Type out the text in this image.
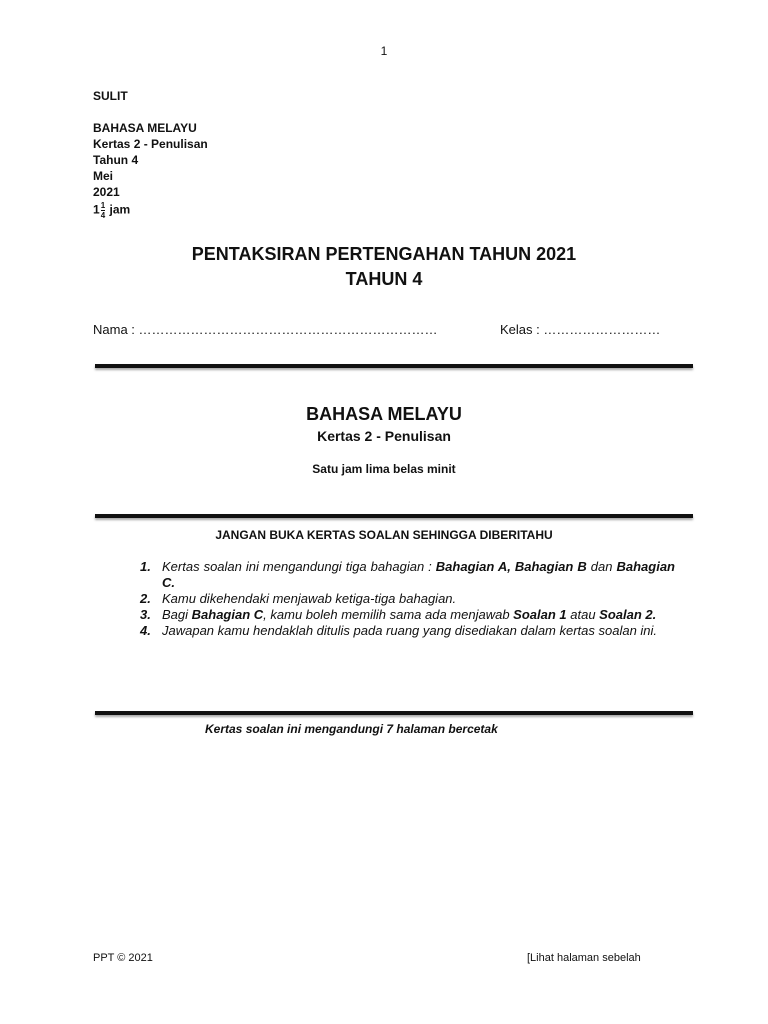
1
SULIT
BAHASA MELAYU
Kertas 2 - Penulisan
Tahun 4
Mei
2021
$1 \frac{1}{4}$ jam
PENTAKSIRAN PERTENGAHAN TAHUN 2021
TAHUN 4
Nama : ……………………………………………………………	Kelas : ………………………
BAHASA MELAYU
Kertas 2 - Penulisan
Satu jam lima belas minit
JANGAN BUKA KERTAS SOALAN SEHINGGA DIBERITAHU
1. Kertas soalan ini mengandungi tiga bahagian : Bahagian A, Bahagian B dan Bahagian C.
2. Kamu dikehendaki menjawab ketiga-tiga bahagian.
3. Bagi Bahagian C, kamu boleh memilih sama ada menjawab Soalan 1 atau Soalan 2.
4. Jawapan kamu hendaklah ditulis pada ruang yang disediakan dalam kertas soalan ini.
Kertas soalan ini mengandungi 7 halaman bercetak
PPT © 2021	[Lihat halaman sebelah
